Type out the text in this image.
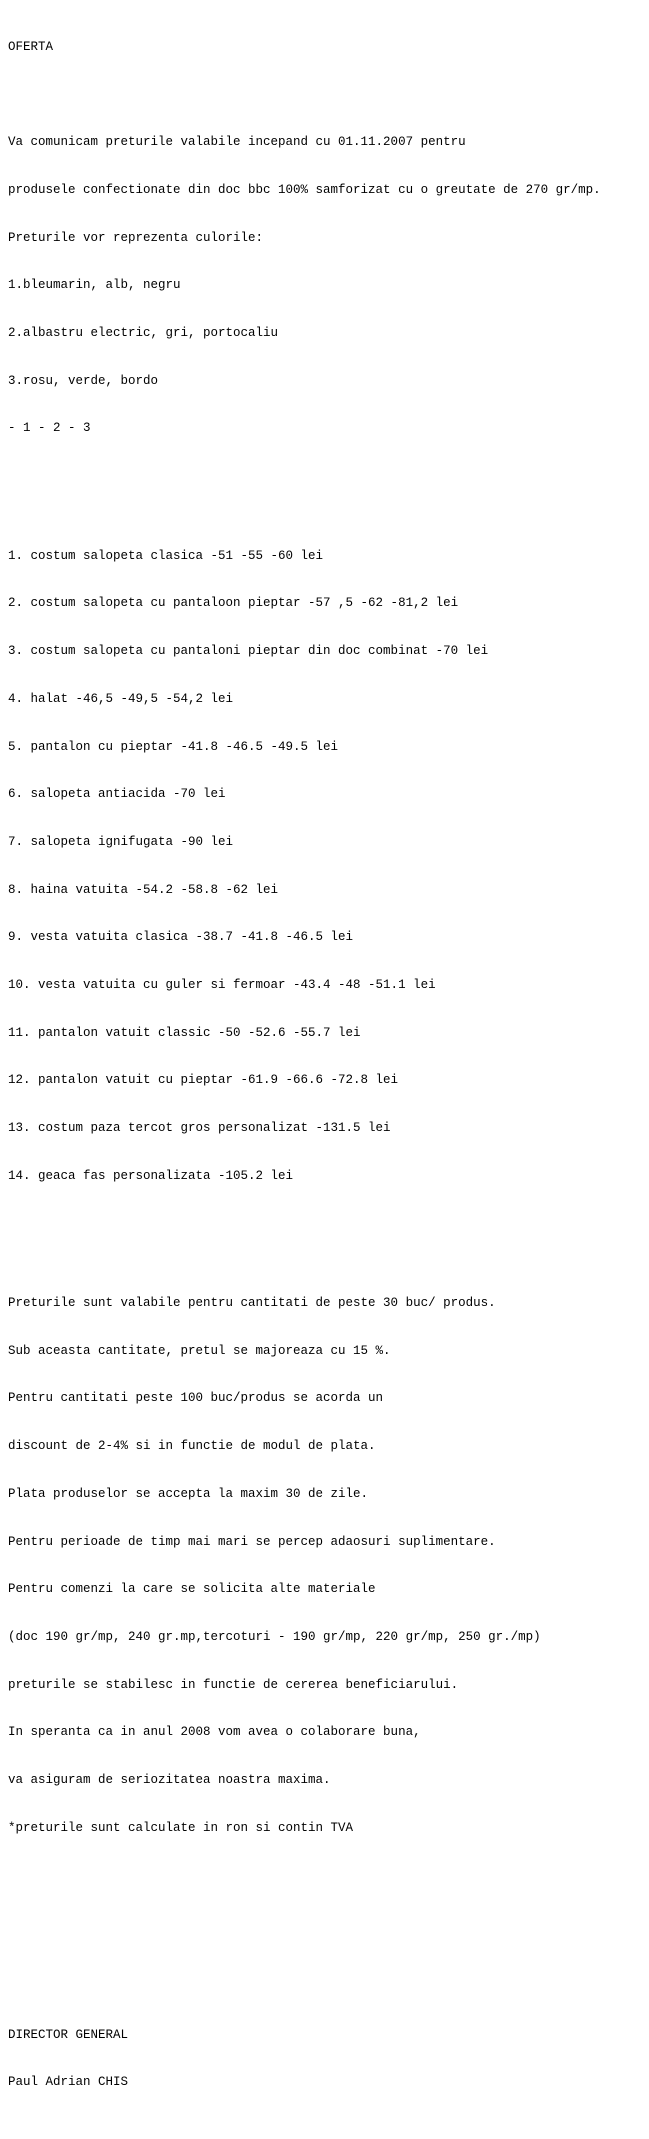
OFERTA

Va comunicam preturile valabile incepand cu 01.11.2007 pentru

produsele confectionate din doc bbc 100% samforizat cu o greutate de 270 gr/mp.

Preturile vor reprezenta culorile:

1.bleumarin, alb, negru

2.albastru electric, gri, portocaliu

3.rosu, verde, bordo

- 1 - 2 - 3

1. costum salopeta clasica -51 -55 -60 lei

2. costum salopeta cu pantaloon pieptar -57 ,5 -62 -81,2 lei

3. costum salopeta cu pantaloni pieptar din doc combinat -70 lei

4. halat -46,5 -49,5 -54,2 lei

5. pantalon cu pieptar -41.8 -46.5 -49.5 lei

6. salopeta antiacida -70 lei

7. salopeta ignifugata -90 lei

8. haina vatuita -54.2 -58.8 -62 lei

9. vesta vatuita clasica -38.7 -41.8 -46.5 lei

10. vesta vatuita cu guler si fermoar -43.4 -48 -51.1 lei

11. pantalon vatuit classic -50 -52.6 -55.7 lei

12. pantalon vatuit cu pieptar -61.9 -66.6 -72.8 lei

13. costum paza tercot gros personalizat -131.5 lei

14. geaca fas personalizata -105.2 lei

Preturile sunt valabile pentru cantitati de peste 30 buc/ produs.

Sub aceasta cantitate, pretul se majoreaza cu 15 %.

Pentru cantitati peste 100 buc/produs se acorda un

discount de 2-4% si in functie de modul de plata.

Plata produselor se accepta la maxim 30 de zile.

Pentru perioade de timp mai mari se percep adaosuri suplimentare.

Pentru comenzi la care se solicita alte materiale

(doc 190 gr/mp, 240 gr.mp,tercoturi - 190 gr/mp, 220 gr/mp, 250 gr./mp)

preturile se stabilesc in functie de cererea beneficiarului.

In speranta ca in anul 2008 vom avea o colaborare buna,

va asiguram de seriozitatea noastra maxima.

*preturile sunt calculate in ron si contin TVA

DIRECTOR GENERAL

Paul Adrian CHIS
